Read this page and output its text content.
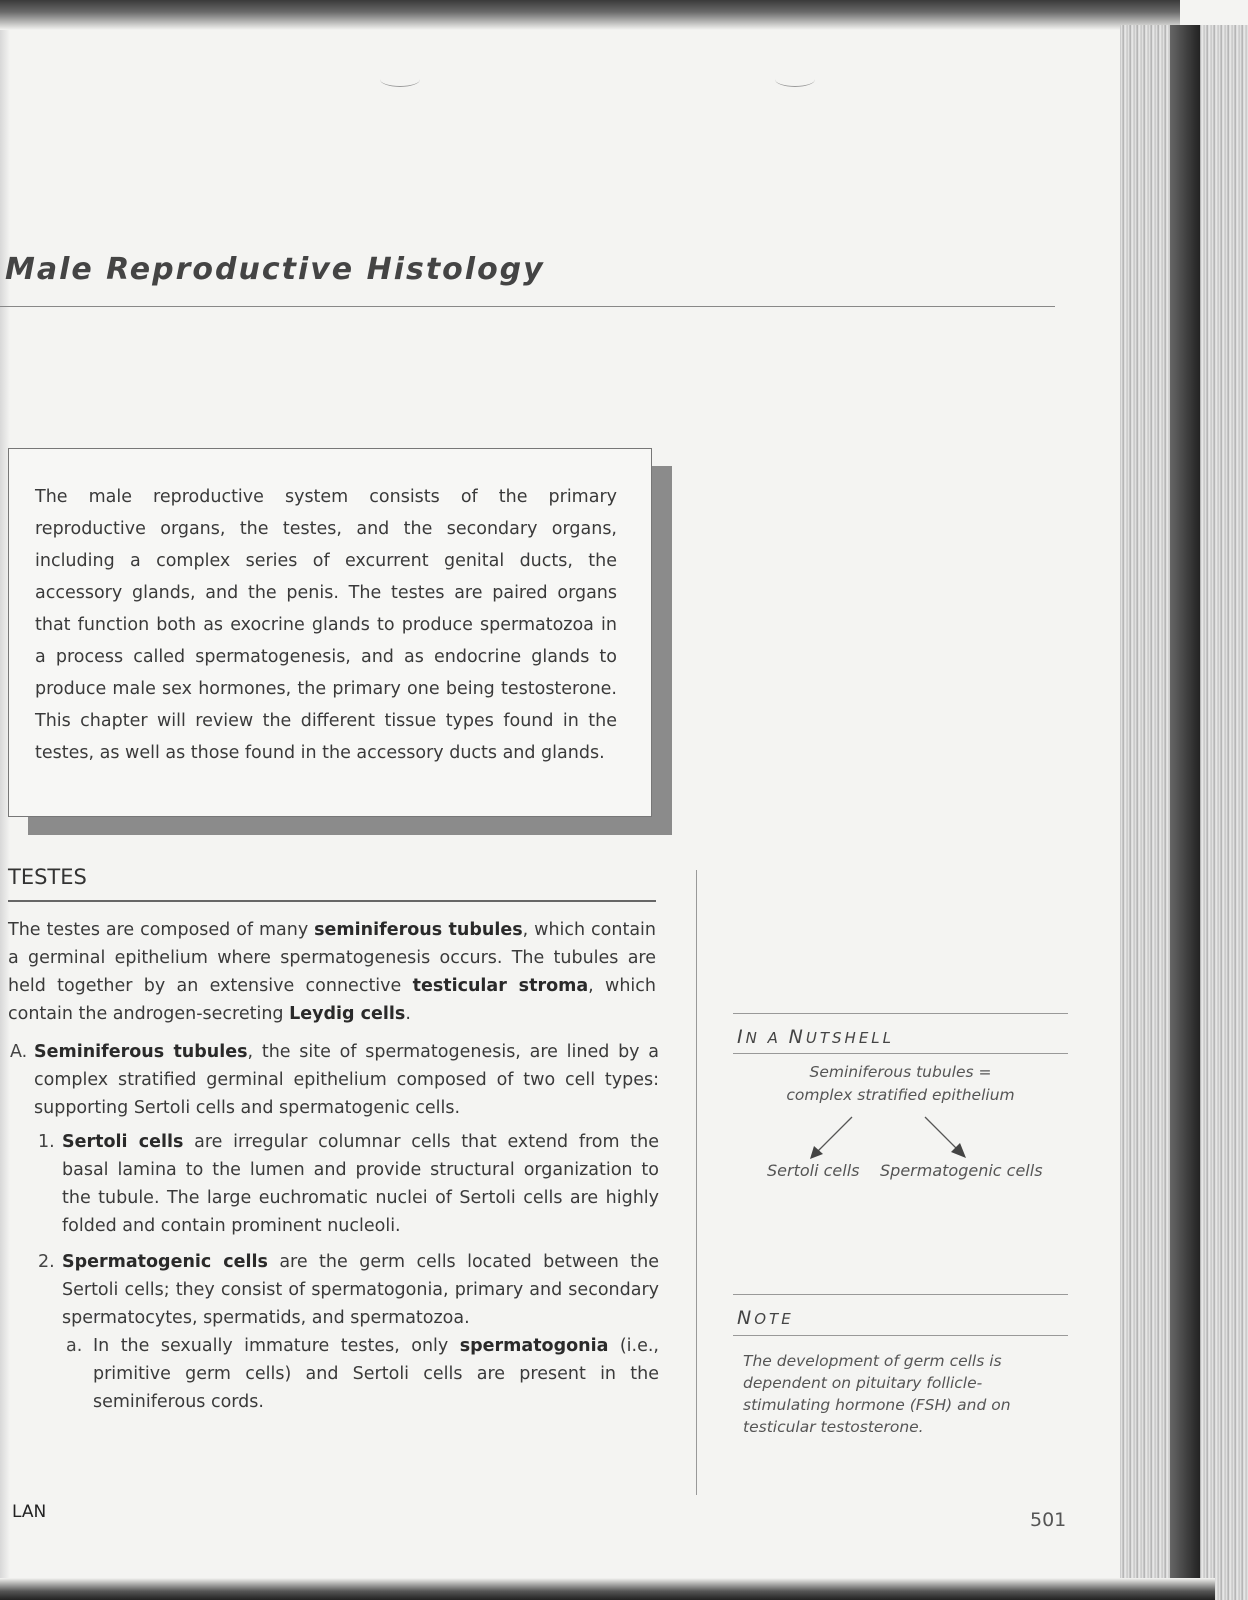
Male Reproductive Histology

The male reproductive system consists of the primary reproductive organs, the testes, and the secondary organs, including a complex series of excurrent genital ducts, the accessory glands, and the penis. The testes are paired organs that function both as exocrine glands to produce spermatozoa in a process called spermatogenesis, and as endocrine glands to produce male sex hormones, the primary one being testosterone. This chapter will review the different tissue types found in the testes, as well as those found in the accessory ducts and glands.

TESTES

The testes are composed of many seminiferous tubules, which contain a germinal epithelium where spermatogenesis occurs. The tubules are held together by an extensive connective testicular stroma, which contain the androgen-secreting Leydig cells.

A. Seminiferous tubules, the site of spermatogenesis, are lined by a complex stratified germinal epithelium composed of two cell types: supporting Sertoli cells and spermatogenic cells.

1. Sertoli cells are irregular columnar cells that extend from the basal lamina to the lumen and provide structural organization to the tubule. The large euchromatic nuclei of Sertoli cells are highly folded and contain prominent nucleoli.

2. Spermatogenic cells are the germ cells located between the Sertoli cells; they consist of spermatogonia, primary and secondary spermatocytes, spermatids, and spermatozoa.

a. In the sexually immature testes, only spermatogonia (i.e., primitive germ cells) and Sertoli cells are present in the seminiferous cords.

IN A NUTSHELL

Seminiferous tubules =

complex stratified epithelium

Sertoli cells Spermatogenic cells

NOTE

The development of germ cells is dependent on pituitary follicle-stimulating hormone (FSH) and on testicular testosterone.

LAN	501
